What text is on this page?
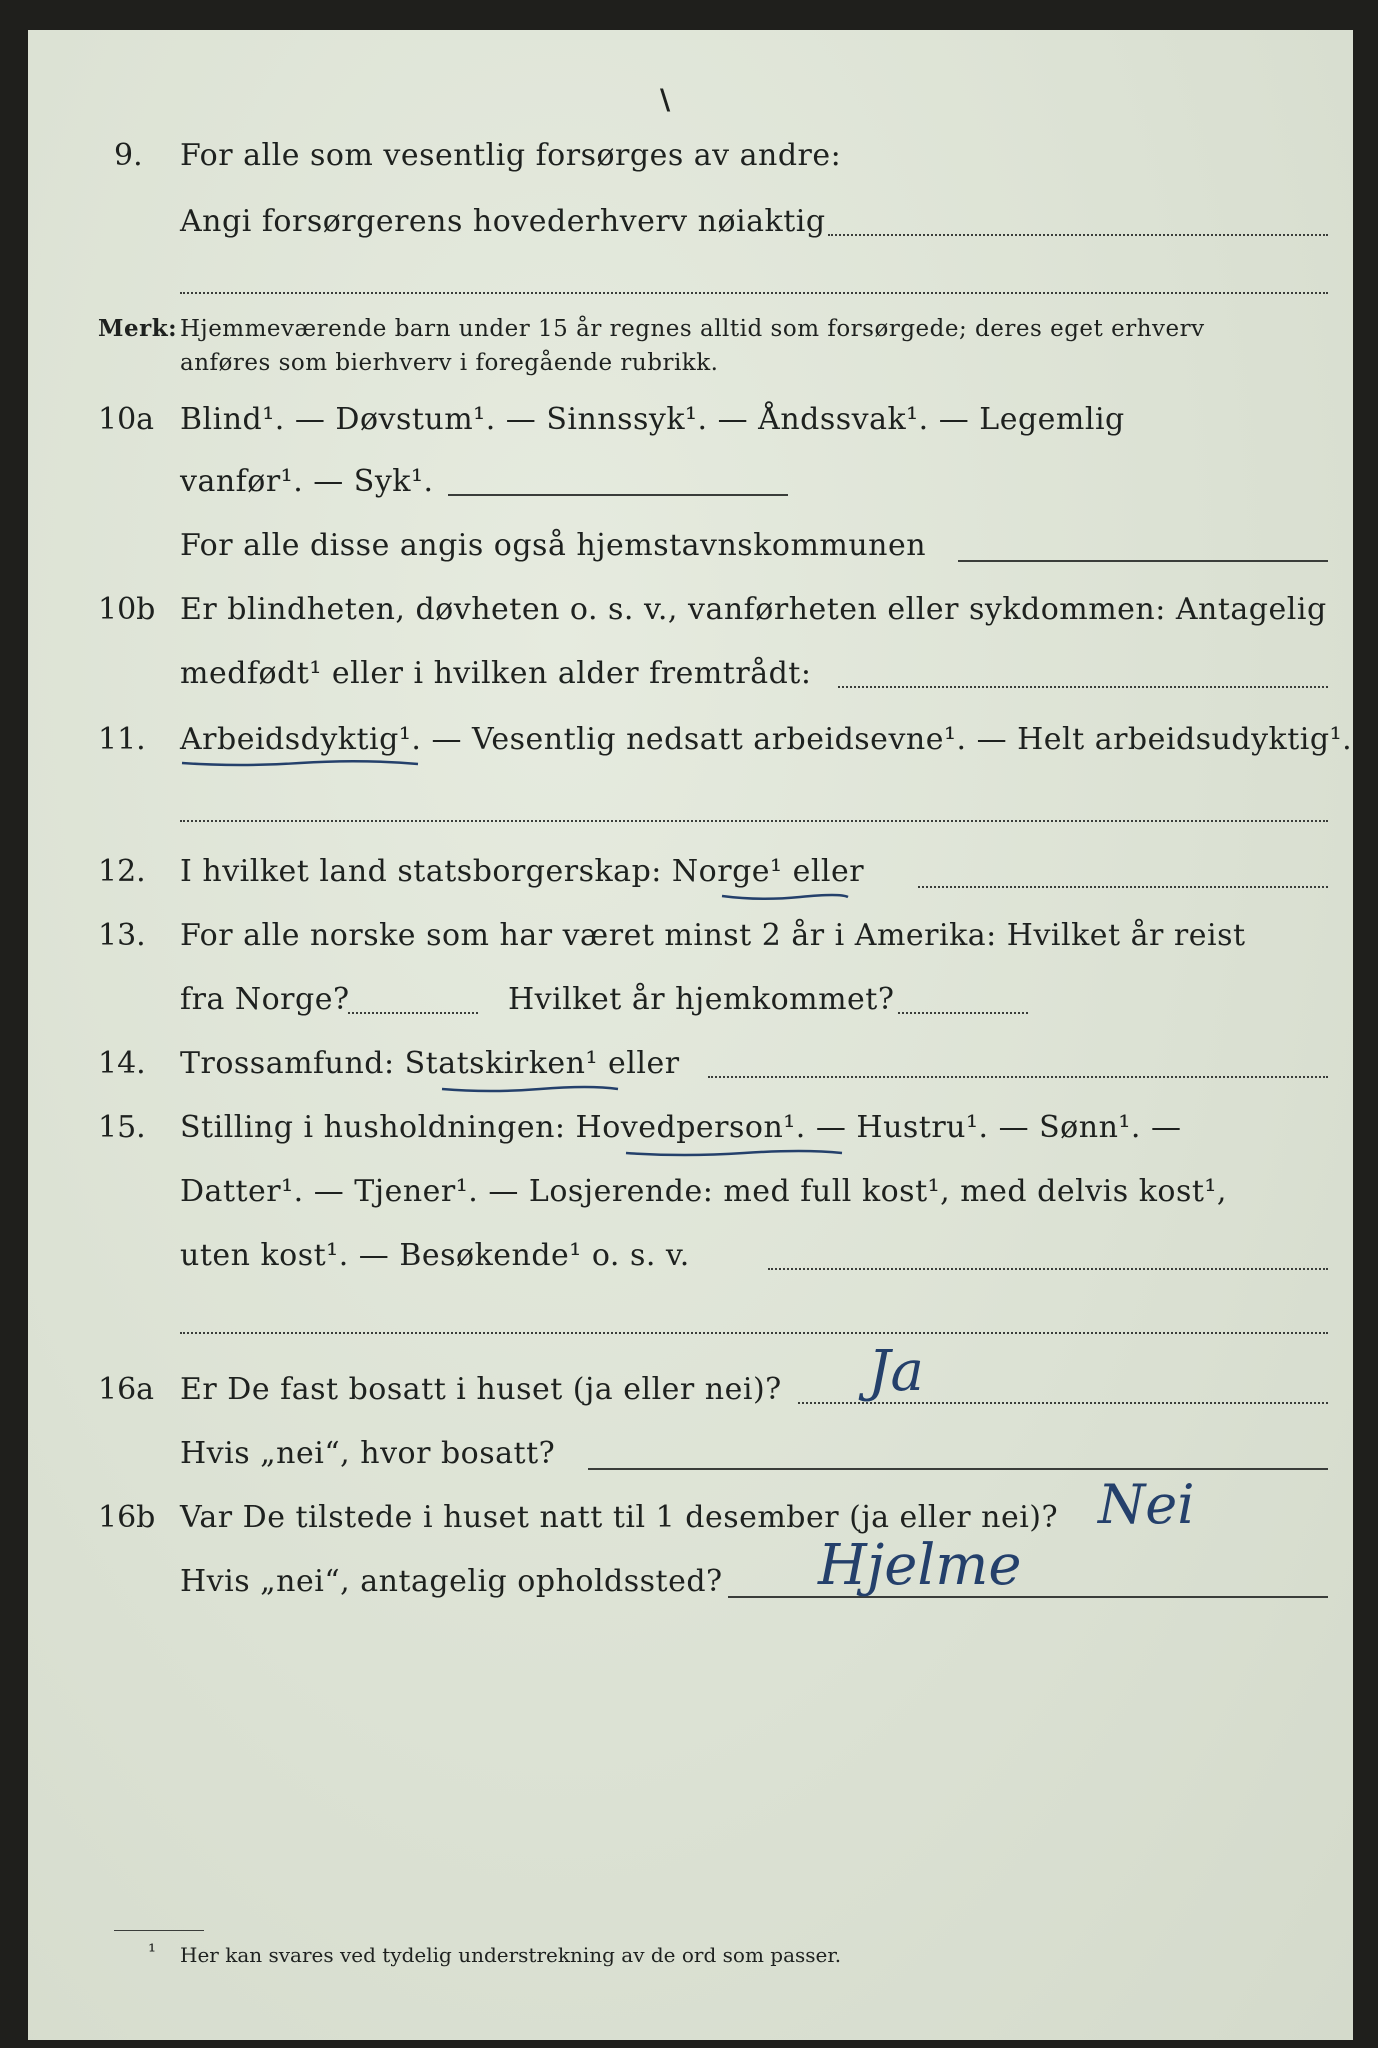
\
9. For alle som vesentlig forsørges av andre:
Angi forsørgerens hovederhverv nøiaktig
Merk: Hjemmeværende barn under 15 år regnes alltid som forsørgede; deres eget erhverv
anføres som bierhverv i foregående rubrikk.
10a Blind¹. — Døvstum¹. — Sinnssyk¹. — Åndssvak¹. — Legemlig
vanfør¹. — Syk¹.
For alle disse angis også hjemstavnskommunen
10b Er blindheten, døvheten o. s. v., vanførheten eller sykdommen: Antagelig
medfødt¹ eller i hvilken alder fremtrådt:
11. Arbeidsdyktig¹. — Vesentlig nedsatt arbeidsevne¹. — Helt arbeidsudyktig¹.
12. I hvilket land statsborgerskap: Norge¹ eller
13. For alle norske som har været minst 2 år i Amerika: Hvilket år reist
fra Norge?	Hvilket år hjemkommet?
14. Trossamfund: Statskirken¹ eller
15. Stilling i husholdningen: Hovedperson¹. — Hustru¹. — Sønn¹. —
Datter¹. — Tjener¹. — Losjerende: med full kost¹, med delvis kost¹,
uten kost¹. — Besøkende¹ o. s. v.
16a Er De fast bosatt i huset (ja eller nei)? Ja
Hvis „nei“, hvor bosatt?
16b Var De tilstede i huset natt til 1 desember (ja eller nei)? Nei
Hvis „nei“, antagelig opholdssted? Hjelme
¹ Her kan svares ved tydelig understrekning av de ord som passer.
